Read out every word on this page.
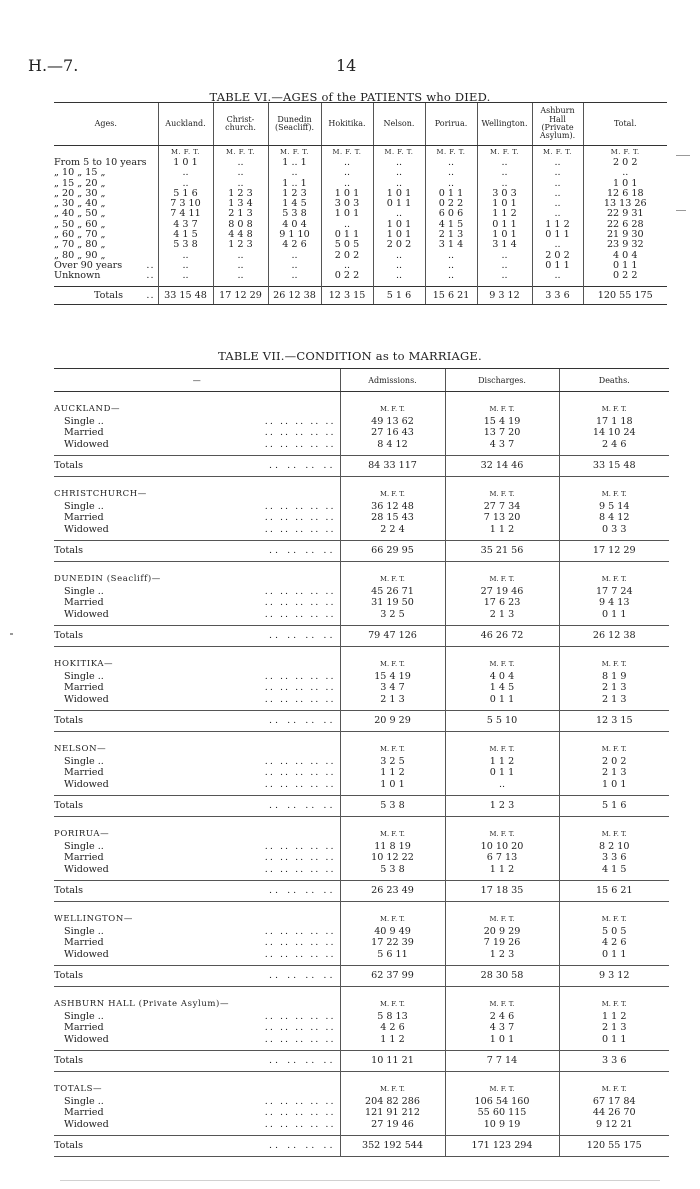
H.—7.	14
TABLE VI.—AGES of the PATIENTS who DIED.
Ages.	Auckland.	Christ-church.	Dunedin (Seacliff).	Hokitika.	Nelson.	Porirua.	Wellington.	Ashburn Hall (Private Asylum).	Total.
	M. F. T.	M. F. T.	M. F. T.	M. F. T.	M. F. T.	M. F. T.	M. F. T.	M. F. T.	M. F. T.

From 5 to 10 years	1 0 1	..	1 .. 1	..	..	..	..	..	2 0 2

„ 10 „ 15 „	..	..	..	..	..	..	..	..	..

„ 15 „ 20 „	..	..	1 .. 1	..	..	..	..	..	1 0 1

„ 20 „ 30 „	5 1 6	1 2 3	1 2 3	1 0 1	1 0 1	0 1 1	3 0 3	..	12 6 18

„ 30 „ 40 „	7 3 10	1 3 4	1 4 5	3 0 3	0 1 1	0 2 2	1 0 1	..	13 13 26

„ 40 „ 50 „	7 4 11	2 1 3	5 3 8	1 0 1	..	6 0 6	1 1 2	..	22 9 31

„ 50 „ 60 „	4 3 7	8 0 8	4 0 4	..	1 0 1	4 1 5	0 1 1	1 1 2	22 6 28

„ 60 „ 70 „	4 1 5	4 4 8	9 1 10	0 1 1	1 0 1	2 1 3	1 0 1	0 1 1	21 9 30

„ 70 „ 80 „	5 3 8	1 2 3	4 2 6	5 0 5	2 0 2	3 1 4	3 1 4	..	23 9 32

„ 80 „ 90 „	..	..	..	2 0 2	..	..	..	2 0 2	4 0 4

..
Over 90 years	..	..	..	..	..	..	..	0 1 1	0 1 1

..
Unknown	..	..	..	0 2 2	..	..	..	..	0 2 2

..
Totals	33 15 48	17 12 29	26 12 38	12 3 15	5 1 6	15 6 21	9 3 12	3 3 6	120 55 175
TABLE VII.—CONDITION as to MARRIAGE.
—	Admissions.	Discharges.	Deaths.

AUCKLAND—	M. F. T.	M. F. T.	M. F. T.

.. .. .. .. ..
Single ..	49 13 62	15 4 19	17 1 18

.. .. .. .. ..
Married	27 16 43	13 7 20	14 10 24

.. .. .. .. ..
Widowed	8 4 12	4 3 7	2 4 6

.. .. .. ..
Totals	84 33 117	32 14 46	33 15 48

CHRISTCHURCH—	M. F. T.	M. F. T.	M. F. T.

.. .. .. .. ..
Single ..	36 12 48	27 7 34	9 5 14

.. .. .. .. ..
Married	28 15 43	7 13 20	8 4 12

.. .. .. .. ..
Widowed	2 2 4	1 1 2	0 3 3

.. .. .. ..
Totals	66 29 95	35 21 56	17 12 29

DUNEDIN (Seacliff)—	M. F. T.	M. F. T.	M. F. T.

.. .. .. .. ..
Single ..	45 26 71	27 19 46	17 7 24

.. .. .. .. ..
Married	31 19 50	17 6 23	9 4 13

.. .. .. .. ..
Widowed	3 2 5	2 1 3	0 1 1

.. .. .. ..
Totals	79 47 126	46 26 72	26 12 38

HOKITIKA—	M. F. T.	M. F. T.	M. F. T.

.. .. .. .. ..
Single ..	15 4 19	4 0 4	8 1 9

.. .. .. .. ..
Married	3 4 7	1 4 5	2 1 3

.. .. .. .. ..
Widowed	2 1 3	0 1 1	2 1 3

.. .. .. ..
Totals	20 9 29	5 5 10	12 3 15

NELSON—	M. F. T.	M. F. T.	M. F. T.

.. .. .. .. ..
Single ..	3 2 5	1 1 2	2 0 2

.. .. .. .. ..
Married	1 1 2	0 1 1	2 1 3

.. .. .. .. ..
Widowed	1 0 1	..	1 0 1

.. .. .. ..
Totals	5 3 8	1 2 3	5 1 6

PORIRUA—	M. F. T.	M. F. T.	M. F. T.

.. .. .. .. ..
Single ..	11 8 19	10 10 20	8 2 10

.. .. .. .. ..
Married	10 12 22	6 7 13	3 3 6

.. .. .. .. ..
Widowed	5 3 8	1 1 2	4 1 5

.. .. .. ..
Totals	26 23 49	17 18 35	15 6 21

WELLINGTON—	M. F. T.	M. F. T.	M. F. T.

.. .. .. .. ..
Single ..	40 9 49	20 9 29	5 0 5

.. .. .. .. ..
Married	17 22 39	7 19 26	4 2 6

.. .. .. .. ..
Widowed	5 6 11	1 2 3	0 1 1

.. .. .. ..
Totals	62 37 99	28 30 58	9 3 12

ASHBURN HALL (Private Asylum)—	M. F. T.	M. F. T.	M. F. T.

.. .. .. .. ..
Single ..	5 8 13	2 4 6	1 1 2

.. .. .. .. ..
Married	4 2 6	4 3 7	2 1 3

.. .. .. .. ..
Widowed	1 1 2	1 0 1	0 1 1

.. .. .. ..
Totals	10 11 21	7 7 14	3 3 6

TOTALS—	M. F. T.	M. F. T.	M. F. T.

.. .. .. .. ..
Single ..	204 82 286	106 54 160	67 17 84

.. .. .. .. ..
Married	121 91 212	55 60 115	44 26 70

.. .. .. .. ..
Widowed	27 19 46	10 9 19	9 12 21

.. .. .. ..
Totals	352 192 544	171 123 294	120 55 175
